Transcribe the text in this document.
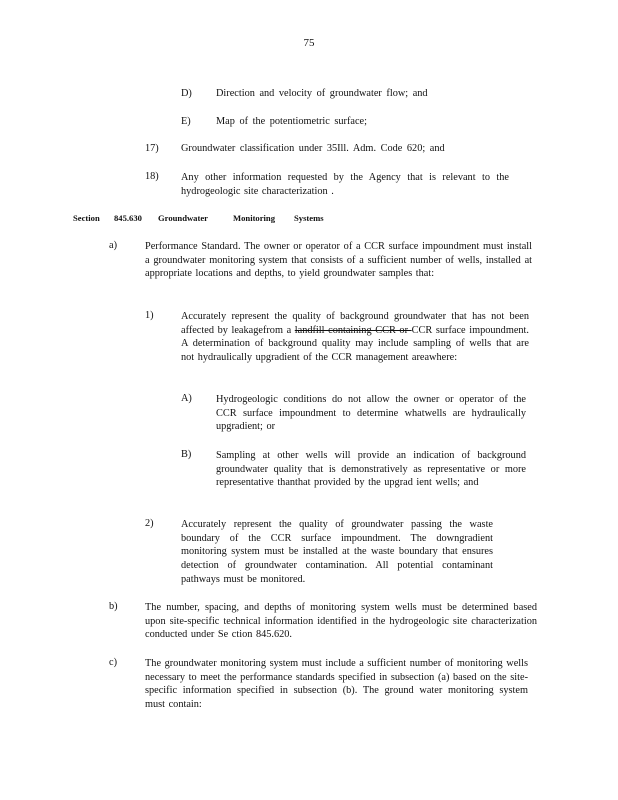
75
D) Direction and velocity of groundwater flow; and
E) Map of the potentiometric surface;
17) Groundwater classification under 35Ill. Adm. Code 620; and
18) Any other information requested by the Agency that is relevant to the hydrogeologic site characterization .

Section 845.630 Groundwater	Monitoring Systems
a)	Performance Standard. The owner or operator of a CCR surface impoundment must install a groundwater monitoring system that consists of a sufficient number of wells, installed at appropriate locations and depths, to yield groundwater samples that:

1)	Accurately represent the quality of background groundwater that has not been affected by leakagefrom a landfill containing CCR or CCR surface impoundment. A determination of background quality may include sampling of wells that are not hydraulically upgradient of the CCR management areawhere:

A) Hydrogeologic conditions do not allow the owner or operator of the CCR surface impoundment to determine whatwells are hydraulically upgradient; or

B) Sampling at other wells will provide an indication of background groundwater quality that is demonstratively as representative or more representative thanthat provided by the upgrad ient wells; and

2)	Accurately represent the quality of groundwater passing the waste boundary of the CCR surface impoundment. The downgradient monitoring system must be installed at the waste boundary that ensures detection of groundwater contamination. All potential contaminant pathways must be monitored.

b)	The number, spacing, and depths of monitoring system wells must be determined based upon site-specific technical information identified in the hydrogeologic site characterization conducted under Se ction 845.620.

c)	The groundwater monitoring system must include a sufficient number of monitoring wells necessary to meet the performance standards specified in subsection (a) based on the site-specific information specified in subsection (b). The ground water monitoring system must contain:
